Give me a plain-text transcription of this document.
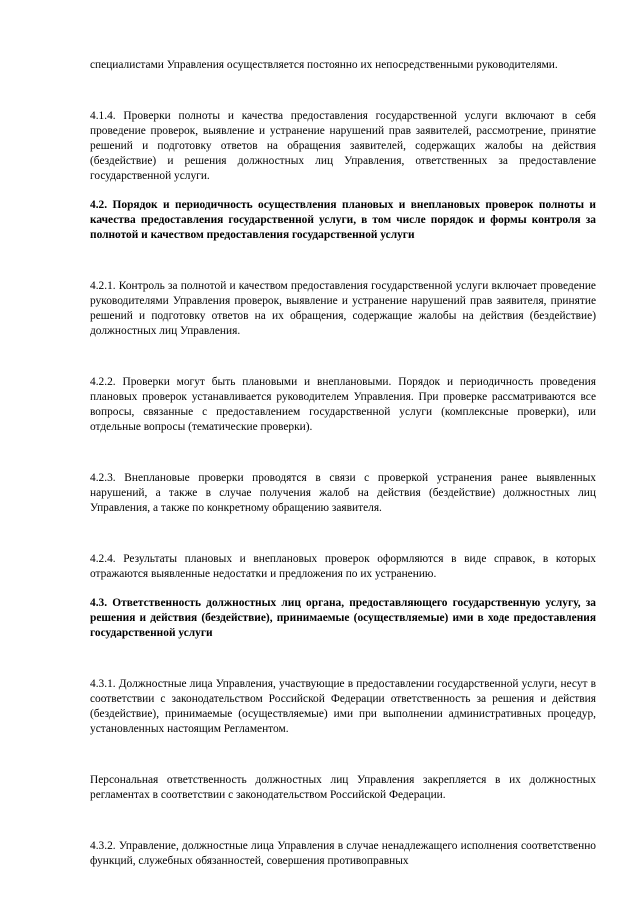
специалистами Управления осуществляется постоянно их непосредственными руководителями.

4.1.4. Проверки полноты и качества предоставления государственной услуги включают в себя проведение проверок, выявление и устранение нарушений прав заявителей, рассмотрение, принятие решений и подготовку ответов на обращения заявителей, содержащих жалобы на действия (бездействие) и решения должностных лиц Управления, ответственных за предоставление государственной услуги.

4.2. Порядок и периодичность осуществления плановых и внеплановых проверок полноты и качества предоставления государственной услуги, в том числе порядок и формы контроля за полнотой и качеством предоставления государственной услуги

4.2.1. Контроль за полнотой и качеством предоставления государственной услуги включает проведение руководителями Управления проверок, выявление и устранение нарушений прав заявителя, принятие решений и подготовку ответов на их обращения, содержащие жалобы на действия (бездействие) должностных лиц Управления.

4.2.2. Проверки могут быть плановыми и внеплановыми. Порядок и периодичность проведения плановых проверок устанавливается руководителем Управления. При проверке рассматриваются все вопросы, связанные с предоставлением государственной услуги (комплексные проверки), или отдельные вопросы (тематические проверки).

4.2.3. Внеплановые проверки проводятся в связи с проверкой устранения ранее выявленных нарушений, а также в случае получения жалоб на действия (бездействие) должностных лиц Управления, а также по конкретному обращению заявителя.

4.2.4. Результаты плановых и внеплановых проверок оформляются в виде справок, в которых отражаются выявленные недостатки и предложения по их устранению.

4.3. Ответственность должностных лиц органа, предоставляющего государственную услугу, за решения и действия (бездействие), принимаемые (осуществляемые) ими в ходе предоставления государственной услуги

4.3.1. Должностные лица Управления, участвующие в предоставлении государственной услуги, несут в соответствии с законодательством Российской Федерации ответственность за решения и действия (бездействие), принимаемые (осуществляемые) ими при выполнении административных процедур, установленных настоящим Регламентом.

Персональная ответственность должностных лиц Управления закрепляется в их должностных регламентах в соответствии с законодательством Российской Федерации.

4.3.2. Управление, должностные лица Управления в случае ненадлежащего исполнения соответственно функций, служебных обязанностей, совершения противоправных
